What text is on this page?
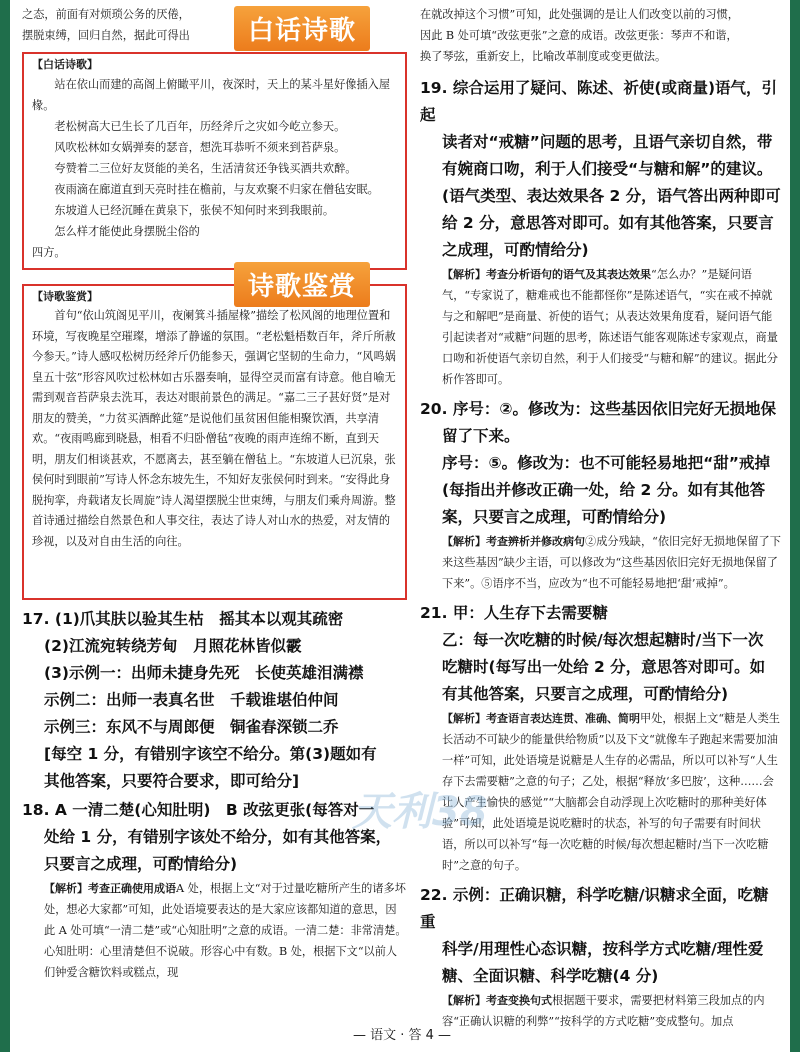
之态，前面有对烦琐公务的厌倦，

摆脱束缚，回归自然，据此可得出

【白话诗歌】

站在依山而建的高阁上俯瞰平川，夜深时，天上的某斗星好像插入屋椽。

老松树高大已生长了几百年，历经斧斤之灾如今屹立参天。

风吹松林如女娲弹奏的瑟音，想洗耳恭听不须来到苔萨泉。

夸赞着二三位好友贤能的美名，生活清贫还争钱买酒共欢醉。

夜雨滴在廊道直到天亮时挂在檐前，与友欢聚不归家在僧毡安眠。

东坡道人已经沉睡在黄泉下，张侯不知何时来到我眼前。

怎么样才能使此身摆脱尘俗的

四方。

【诗歌鉴赏】

首句“依山筑阁见平川，夜阑箕斗插屋椽”描绘了松风阁的地理位置和环境，写夜晚星空璀璨，增添了静谧的氛围。“老松魁梧数百年，斧斤所赦今参天。”诗人感叹松树历经斧斤仍能参天，强调它坚韧的生命力，“风鸣娲皇五十弦”形容风吹过松林如古乐器奏响，显得空灵而富有诗意。他自喻无需到观音苔萨泉去洗耳，表达对眼前景色的满足。“嘉二三子甚好贤”是对朋友的赞美，“力贫买酒醉此筵”是说他们虽贫困但能相聚饮酒，共享清欢。“夜雨鸣廊到晓悬，相看不归卧僧毡”夜晚的雨声连绵不断，直到天明，朋友们相谈甚欢，不愿离去，甚至躺在僧毡上。“东坡道人已沉泉，张侯何时到眼前”写诗人怀念东坡先生，不知好友张侯何时到来。“安得此身脱拘挛，舟载诸友长周旋”诗人渴望摆脱尘世束缚，与朋友们乘舟周游。整首诗通过描绘自然景色和人事交往，表达了诗人对山水的热爱，对友情的珍视，以及对自由生活的向往。

17. (1)爪其肤以验其生枯　摇其本以观其疏密

(2)江流宛转绕芳甸　月照花林皆似霰

(3)示例一：出师未捷身先死　长使英雄泪满襟

示例二：出师一表真名世　千载谁堪伯仲间

示例三：东风不与周郎便　铜雀春深锁二乔

[每空 1 分，有错别字该空不给分。第(3)题如有

其他答案，只要符合要求，即可给分]

18. A 一清二楚(心知肚明)　B 改弦更张(每答对一

处给 1 分，有错别字该处不给分，如有其他答案，

只要言之成理，可酌情给分)

【解析】考查正确使用成语A 处，根据上文“对于过量吃糖所产生的诸多坏处，想必大家都”可知，此处语境要表达的是大家应该都知道的意思，因此 A 处可填“一清二楚”或“心知肚明”之意的成语。一清二楚：非常清楚。心知肚明：心里清楚但不说破。形容心中有数。B 处，根据下文“以前人们钟爱含糖饮料或糕点，现

白话诗歌
诗歌鉴赏

在就改掉这个习惯”可知，此处强调的是让人们改变以前的习惯，

因此 B 处可填“改弦更张”之意的成语。改弦更张：琴声不和谐，

换了琴弦，重新安上，比喻改革制度或变更做法。

19. 综合运用了疑问、陈述、祈使(或商量)语气，引起

读者对“戒糖”问题的思考，且语气亲切自然，带

有婉商口吻，利于人们接受“与糖和解”的建议。

(语气类型、表达效果各 2 分，语气答出两种即可

给 2 分，意思答对即可。如有其他答案，只要言

之成理，可酌情给分)

【解析】考查分析语句的语气及其表达效果“怎么办？”是疑问语气，“专家说了，糖难戒也不能都怪你”是陈述语气，“实在戒不掉就与之和解吧”是商量、祈使的语气；从表达效果角度看，疑问语气能引起读者对“戒糖”问题的思考，陈述语气能客观陈述专家观点，商量口吻和祈使语气亲切自然，利于人们接受“与糖和解”的建议。据此分析作答即可。

20. 序号：②。修改为：这些基因依旧完好无损地保

留了下来。

序号：⑤。修改为：也不可能轻易地把“甜”戒掉

(每指出并修改正确一处，给 2 分。如有其他答

案，只要言之成理，可酌情给分)

【解析】考查辨析并修改病句②成分残缺，“依旧完好无损地保留了下来这些基因”缺少主语，可以修改为“这些基因依旧完好无损地保留了下来”。⑤语序不当，应改为“也不可能轻易地把‘甜’戒掉”。

21. 甲：人生存下去需要糖

乙：每一次吃糖的时候/每次想起糖时/当下一次

吃糖时(每写出一处给 2 分，意思答对即可。如

有其他答案，只要言之成理，可酌情给分)

【解析】考查语言表达连贯、准确、简明甲处，根据上文“糖是人类生长活动不可缺少的能量供给物质”以及下文“就像车子跑起来需要加油一样”可知，此处语境是说糖是人生存的必需品，所以可以补写“人生存下去需要糖”之意的句子；乙处，根据“释放‘多巴胺’，这种……会让人产生愉快的感觉”“大脑都会自动浮现上次吃糖时的那种美好体验”可知，此处语境是说吃糖时的状态，补写的句子需要有时间状语，所以可以补写“每一次吃糖的时候/每次想起糖时/当下一次吃糖时”之意的句子。

22. 示例：正确识糖，科学吃糖/识糖求全面，吃糖重

科学/用理性心态识糖，按科学方式吃糖/理性爱

糖、全面识糖、科学吃糖(4 分)

【解析】考查变换句式根据题干要求，需要把材料第三段加点的内容“正确认识糖的利弊”“按科学的方式吃糖”变成整句。加点

天利38
— 语文 · 答 4 —
